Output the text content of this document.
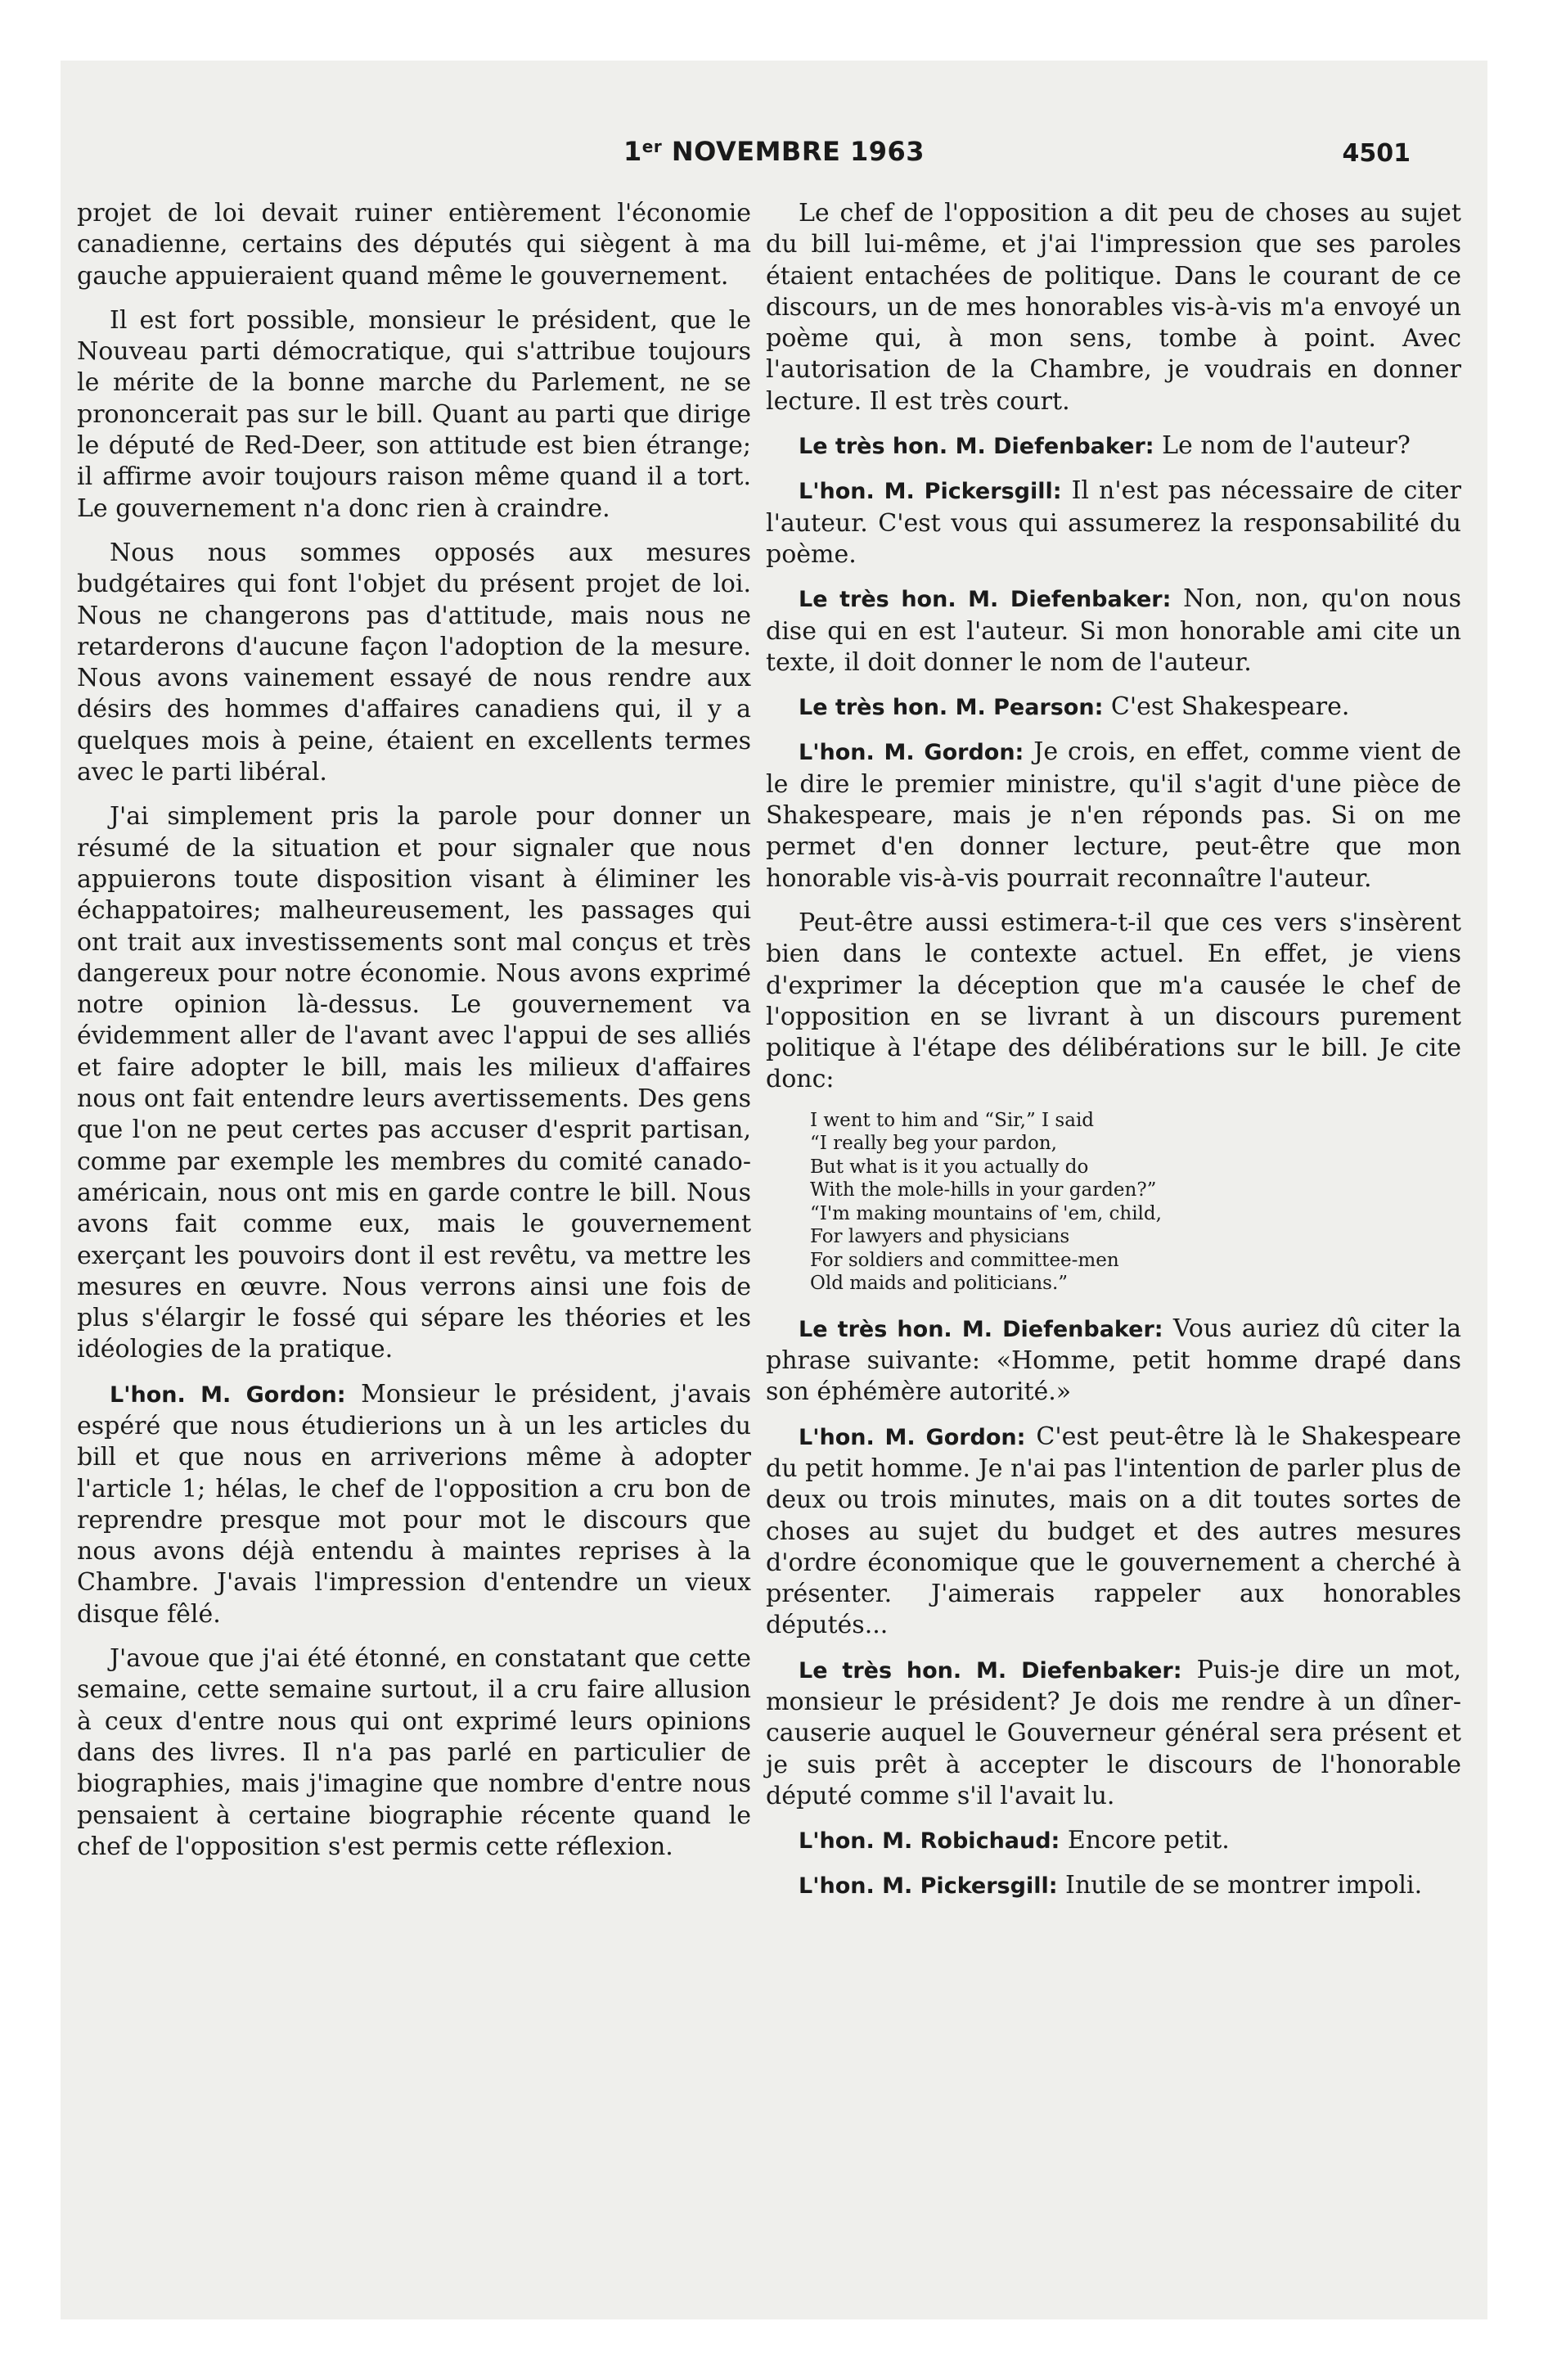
1er NOVEMBRE 1963	4501

projet de loi devait ruiner entièrement l'économie canadienne, certains des députés qui siègent à ma gauche appuieraient quand même le gouvernement.

Il est fort possible, monsieur le président, que le Nouveau parti démocratique, qui s'attribue toujours le mérite de la bonne marche du Parlement, ne se prononcerait pas sur le bill. Quant au parti que dirige le député de Red-Deer, son attitude est bien étrange; il affirme avoir toujours raison même quand il a tort. Le gouvernement n'a donc rien à craindre.

Nous nous sommes opposés aux mesures budgétaires qui font l'objet du présent projet de loi. Nous ne changerons pas d'attitude, mais nous ne retarderons d'aucune façon l'adoption de la mesure. Nous avons vainement essayé de nous rendre aux désirs des hommes d'affaires canadiens qui, il y a quelques mois à peine, étaient en excellents termes avec le parti libéral.

J'ai simplement pris la parole pour donner un résumé de la situation et pour signaler que nous appuierons toute disposition visant à éliminer les échappatoires; malheureusement, les passages qui ont trait aux investissements sont mal conçus et très dangereux pour notre économie. Nous avons exprimé notre opinion là-dessus. Le gouvernement va évidemment aller de l'avant avec l'appui de ses alliés et faire adopter le bill, mais les milieux d'affaires nous ont fait entendre leurs avertissements. Des gens que l'on ne peut certes pas accuser d'esprit partisan, comme par exemple les membres du comité canado-américain, nous ont mis en garde contre le bill. Nous avons fait comme eux, mais le gouvernement exerçant les pouvoirs dont il est revêtu, va mettre les mesures en œuvre. Nous verrons ainsi une fois de plus s'élargir le fossé qui sépare les théories et les idéologies de la pratique.

L'hon. M. Gordon: Monsieur le président, j'avais espéré que nous étudierions un à un les articles du bill et que nous en arriverions même à adopter l'article 1; hélas, le chef de l'opposition a cru bon de reprendre presque mot pour mot le discours que nous avons déjà entendu à maintes reprises à la Chambre. J'avais l'impression d'entendre un vieux disque fêlé.

J'avoue que j'ai été étonné, en constatant que cette semaine, cette semaine surtout, il a cru faire allusion à ceux d'entre nous qui ont exprimé leurs opinions dans des livres. Il n'a pas parlé en particulier de biographies, mais j'imagine que nombre d'entre nous pensaient à certaine biographie récente quand le chef de l'opposition s'est permis cette réflexion.

Le chef de l'opposition a dit peu de choses au sujet du bill lui-même, et j'ai l'impression que ses paroles étaient entachées de politique. Dans le courant de ce discours, un de mes honorables vis-à-vis m'a envoyé un poème qui, à mon sens, tombe à point. Avec l'autorisation de la Chambre, je voudrais en donner lecture. Il est très court.

Le très hon. M. Diefenbaker: Le nom de l'auteur?

L'hon. M. Pickersgill: Il n'est pas nécessaire de citer l'auteur. C'est vous qui assumerez la responsabilité du poème.

Le très hon. M. Diefenbaker: Non, non, qu'on nous dise qui en est l'auteur. Si mon honorable ami cite un texte, il doit donner le nom de l'auteur.

Le très hon. M. Pearson: C'est Shakespeare.

L'hon. M. Gordon: Je crois, en effet, comme vient de le dire le premier ministre, qu'il s'agit d'une pièce de Shakespeare, mais je n'en réponds pas. Si on me permet d'en donner lecture, peut-être que mon honorable vis-à-vis pourrait reconnaître l'auteur.

Peut-être aussi estimera-t-il que ces vers s'insèrent bien dans le contexte actuel. En effet, je viens d'exprimer la déception que m'a causée le chef de l'opposition en se livrant à un discours purement politique à l'étape des délibérations sur le bill. Je cite donc:

I went to him and “Sir,” I said
“I really beg your pardon,
But what is it you actually do
With the mole-hills in your garden?”
“I'm making mountains of 'em, child,
For lawyers and physicians
For soldiers and committee-men
Old maids and politicians.”

Le très hon. M. Diefenbaker: Vous auriez dû citer la phrase suivante: «Homme, petit homme drapé dans son éphémère autorité.»

L'hon. M. Gordon: C'est peut-être là le Shakespeare du petit homme. Je n'ai pas l'intention de parler plus de deux ou trois minutes, mais on a dit toutes sortes de choses au sujet du budget et des autres mesures d'ordre économique que le gouvernement a cherché à présenter. J'aimerais rappeler aux honorables députés...

Le très hon. M. Diefenbaker: Puis-je dire un mot, monsieur le président? Je dois me rendre à un dîner-causerie auquel le Gouverneur général sera présent et je suis prêt à accepter le discours de l'honorable député comme s'il l'avait lu.

L'hon. M. Robichaud: Encore petit.

L'hon. M. Pickersgill: Inutile de se montrer impoli.
